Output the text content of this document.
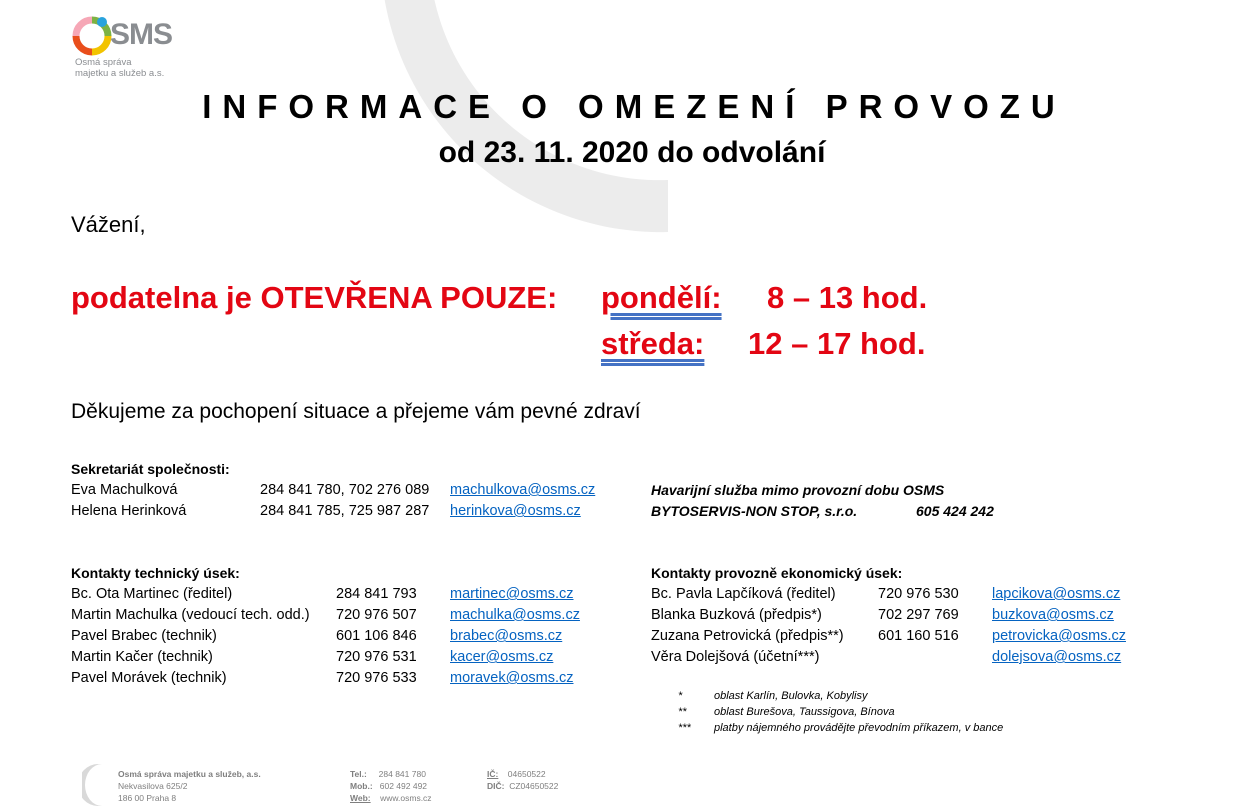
SMS
Osmá správa
majetku a služeb a.s.
INFORMACE O OMEZENÍ PROVOZU
od 23. 11. 2020 do odvolání
Vážení,
podatelna je OTEVŘENA POUZE: pondělí: 8 – 13 hod.
středa: 12 – 17 hod.
Děkujeme za pochopení situace a přejeme vám pevné zdraví
Sekretariát společnosti:
Eva Machulková	284 841 780, 702 276 089 machulkova@osms.cz
Helena Herinková	284 841 785, 725 987 287 herinkova@osms.cz
Havarijní služba mimo provozní dobu OSMS
BYTOSERVIS-NON STOP, s.r.o.	605 424 242
Kontakty technický úsek:
Bc. Ota Martinec (ředitel)	284 841 793 martinec@osms.cz
Martin Machulka (vedoucí tech. odd.) 720 976 507 machulka@osms.cz
Pavel Brabec (technik)	601 106 846 brabec@osms.cz
Martin Kačer (technik)	720 976 531 kacer@osms.cz
Pavel Morávek (technik)	720 976 533 moravek@osms.cz
Kontakty provozně ekonomický úsek:
Bc. Pavla Lapčíková (ředitel)	720 976 530 lapcikova@osms.cz
Blanka Buzková (předpis*)	702 297 769 buzkova@osms.cz
Zuzana Petrovická (předpis**) 601 160 516 petrovicka@osms.cz
Věra Dolejšová (účetní***)	dolejsova@osms.cz
*	oblast Karlín, Bulovka, Kobylisy
** oblast Burešova, Taussigova, Bínova
*** platby nájemného provádějte převodním příkazem, v bance
Osmá správa majetku a služeb, a.s.
Nekvasilova 625/2
186 00 Praha 8
Tel.: 284 841 780
Mob.: 602 492 492
Web: www.osms.cz
IČ: 04650522
DIČ: CZ04650522
